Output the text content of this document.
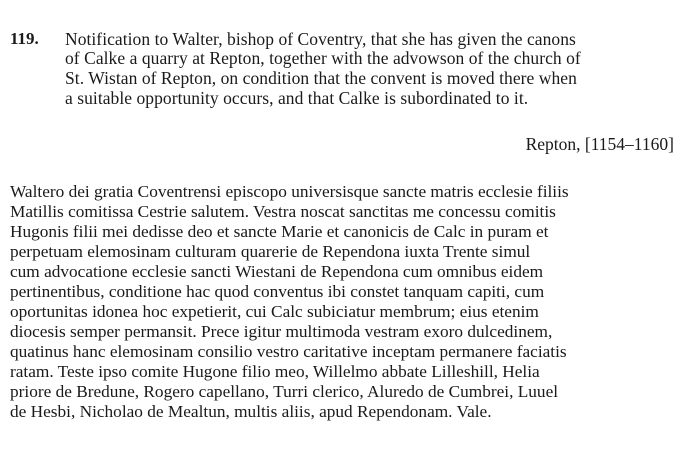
119. Notification to Walter, bishop of Coventry, that she has given the canons
of Calke a quarry at Repton, together with the advowson of the church of
St. Wistan of Repton, on condition that the convent is moved there when
a suitable opportunity occurs, and that Calke is subordinated to it.
Repton, [1154–1160]
Waltero dei gratia Coventrensi episcopo universisque sancte matris ecclesie filiis
Matillis comitissa Cestrie salutem. Vestra noscat sanctitas me concessu comitis
Hugonis filii mei dedisse deo et sancte Marie et canonicis de Calc in puram et
perpetuam elemosinam culturam quarerie de Rependona iuxta Trente simul
cum advocatione ecclesie sancti Wiestani de Rependona cum omnibus eidem
pertinentibus, conditione hac quod conventus ibi constet tanquam capiti, cum
oportunitas idonea hoc expetierit, cui Calc subiciatur membrum; eius etenim
diocesis semper permansit. Prece igitur multimoda vestram exoro dulcedinem,
quatinus hanc elemosinam consilio vestro caritative inceptam permanere faciatis
ratam. Teste ipso comite Hugone filio meo, Willelmo abbate Lilleshill, Helia
priore de Bredune, Rogero capellano, Turri clerico, Aluredo de Cumbrei, Luuel
de Hesbi, Nicholao de Mealtun, multis aliis, apud Rependonam. Vale.
